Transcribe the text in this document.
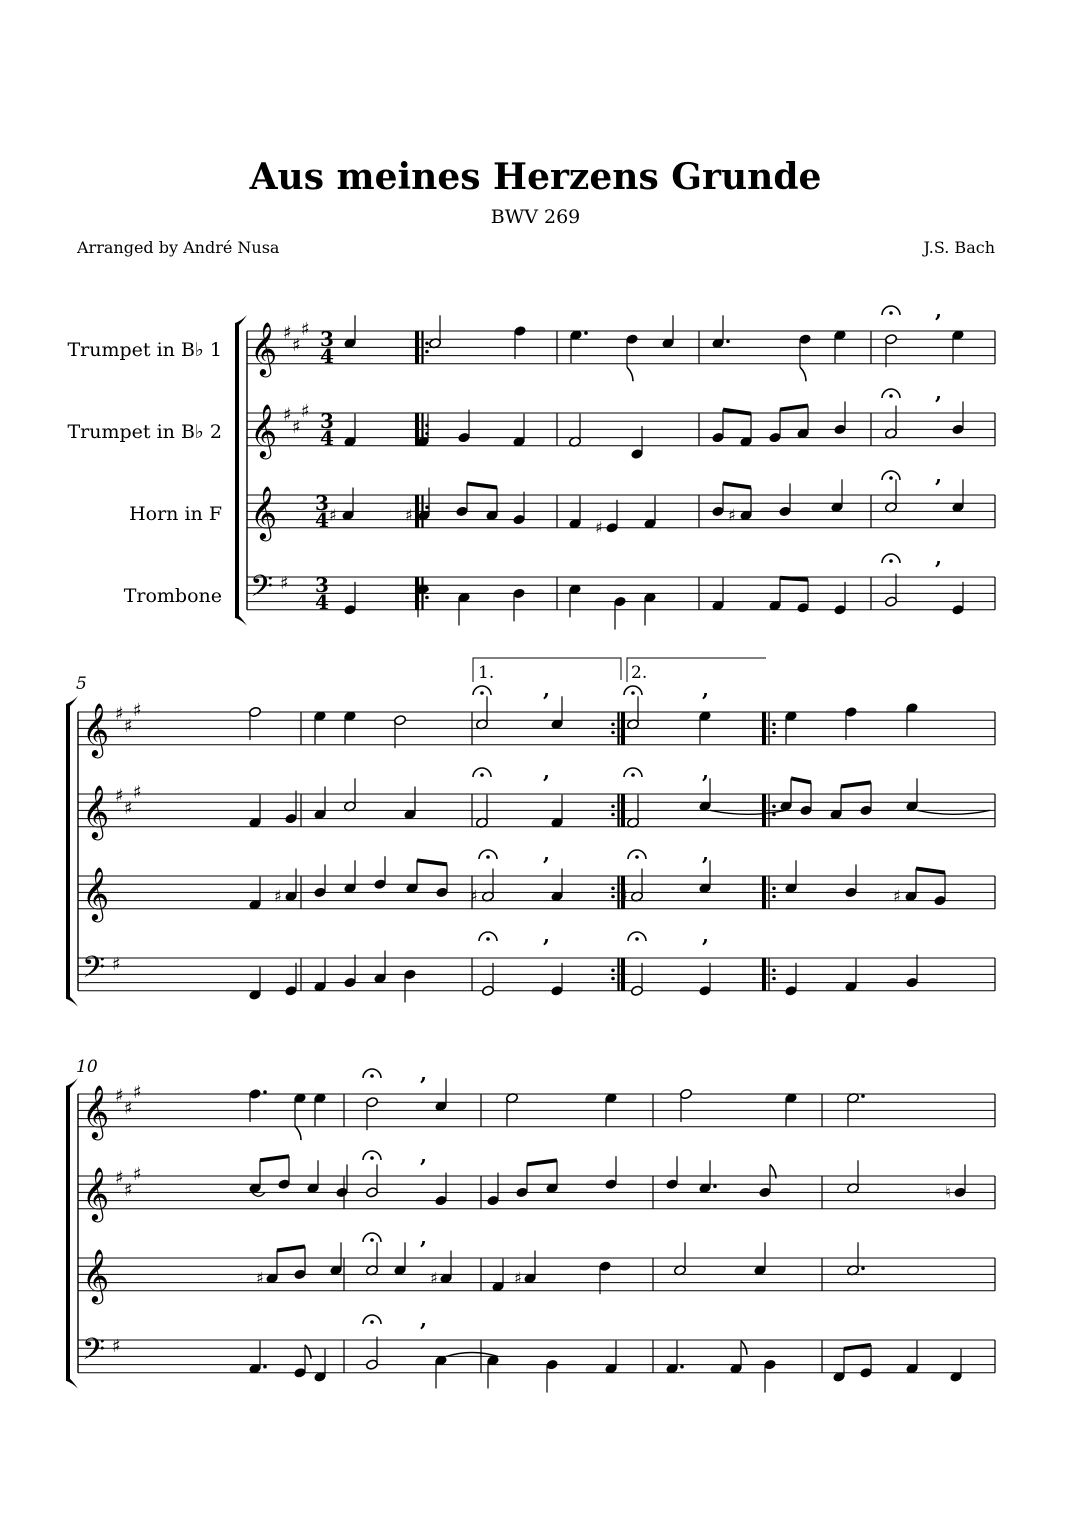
Aus meines Herzens Grunde
BWV 269
Arranged by André Nusa	J.S. Bach
𝄞 ♯
♯
♯ 3
4
𝄞 ♯
♯
♯ 3
4
𝄞 3
4
𝄢 ♯ 3
4
𝄞 ♯
♯
♯
𝄞 ♯
♯
♯
𝄞
𝄢 ♯
𝄞 ♯
♯
♯
𝄞 ♯
♯
♯
𝄞
𝄢 ♯
,
,
♯	♯
♯
♯
,
,
,	,
,	,
♯	♯	♯	♯
,	,
,	,
,
♮
,
♯	♯	♯
,
,
Trumpet in B♭ 1
Trumpet in B♭ 2
Horn in F
Trombone
5
10
1.	2.
